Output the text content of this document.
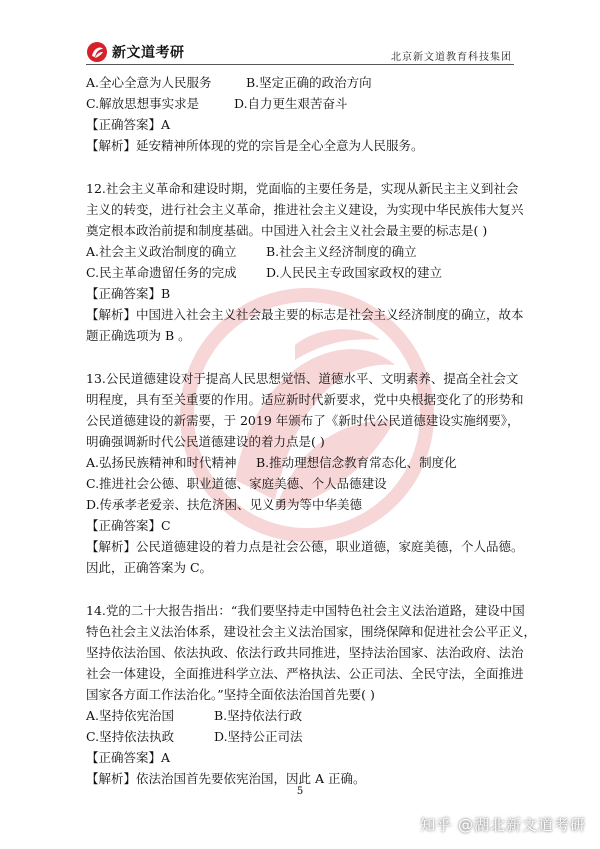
新文道考研	北京新文道教育科技集团
A.全心全意为人民服务	B.坚定正确的政治方向
C.解放思想事实求是	D.自力更生艰苦奋斗
【正确答案】A
【解析】延安精神所体现的党的宗旨是全心全意为人民服务。
12.社会主义革命和建设时期，党面临的主要任务是，实现从新民主主义到社会
主义的转变，进行社会主义革命，推进社会主义建设，为实现中华民族伟大复兴
奠定根本政治前提和制度基础。中国进入社会主义社会最主要的标志是( )
A.社会主义政治制度的确立	B.社会主义经济制度的确立
C.民主革命遗留任务的完成	D.人民民主专政国家政权的建立
【正确答案】B
【解析】中国进入社会主义社会最主要的标志是社会主义经济制度的确立，故本
题正确选项为 B 。
13.公民道德建设对于提高人民思想觉悟、道德水平、文明素养、提高全社会文
明程度，具有至关重要的作用。适应新时代新要求，党中央根据变化了的形势和
公民道德建设的新需要，于 2019 年颁布了《新时代公民道德建设实施纲要》，
明确强调新时代公民道德建设的着力点是( )
A.弘扬民族精神和时代精神	B.推动理想信念教育常态化、制度化
C.推进社会公德、职业道德、家庭美德、个人品德建设
D.传承孝老爱亲、扶危济困、见义勇为等中华美德
【正确答案】C
【解析】公民道德建设的着力点是社会公德，职业道德，家庭美德，个人品德。
因此，正确答案为 C。
14.党的二十大报告指出：“我们要坚持走中国特色社会主义法治道路，建设中国
特色社会主义法治体系，建设社会主义法治国家，围绕保障和促进社会公平正义，
坚持依法治国、依法执政、依法行政共同推进，坚持法治国家、法治政府、法治
社会一体建设，全面推进科学立法、严格执法、公正司法、全民守法，全面推进
国家各方面工作法治化。”坚持全面依法治国首先要( )
A.坚持依宪治国	B.坚持依法行政
C.坚持依法执政	D.坚持公正司法
【正确答案】A
【解析】依法治国首先要依宪治国，因此 A 正确。
5
知乎 @湖北新文道考研
